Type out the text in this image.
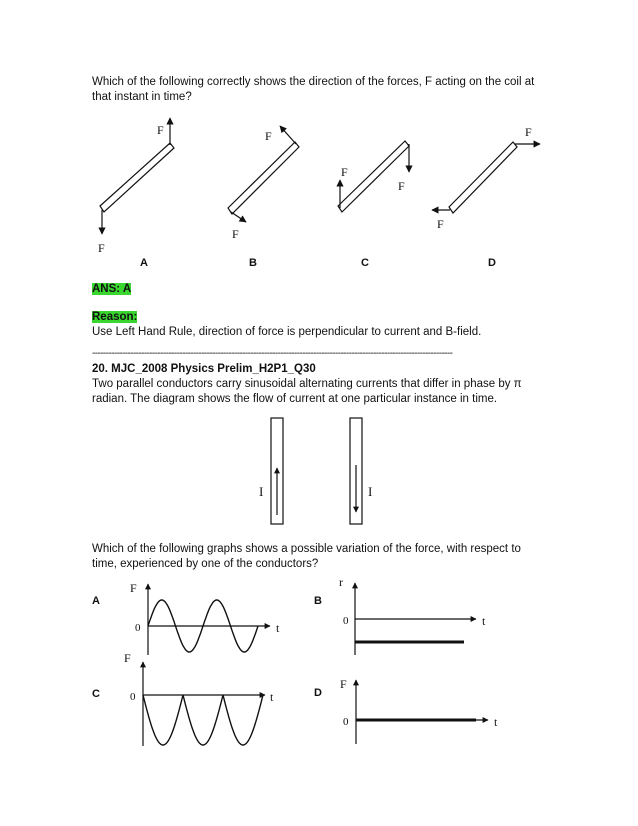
Which of the following correctly shows the direction of the forces, F acting on the coil at
that instant in time?
F
F
A
F
F
B
F
F
C
F
F
D
ANS: A
Reason:
Use Left Hand Rule, direction of force is perpendicular to current and B-field.
------------------------------------------------------------------------------------------------------------------------------------
20. MJC_2008 Physics Prelim_H2P1_Q30
Two parallel conductors carry sinusoidal alternating currents that differ in phase by π
radian. The diagram shows the flow of current at one particular instance in time.
I	I
Which of the following graphs shows a possible variation of the force, with respect to
time, experienced by one of the conductors?
A
F
0	t
B
r
0	t
C
F
0	t	D
F
0	t
